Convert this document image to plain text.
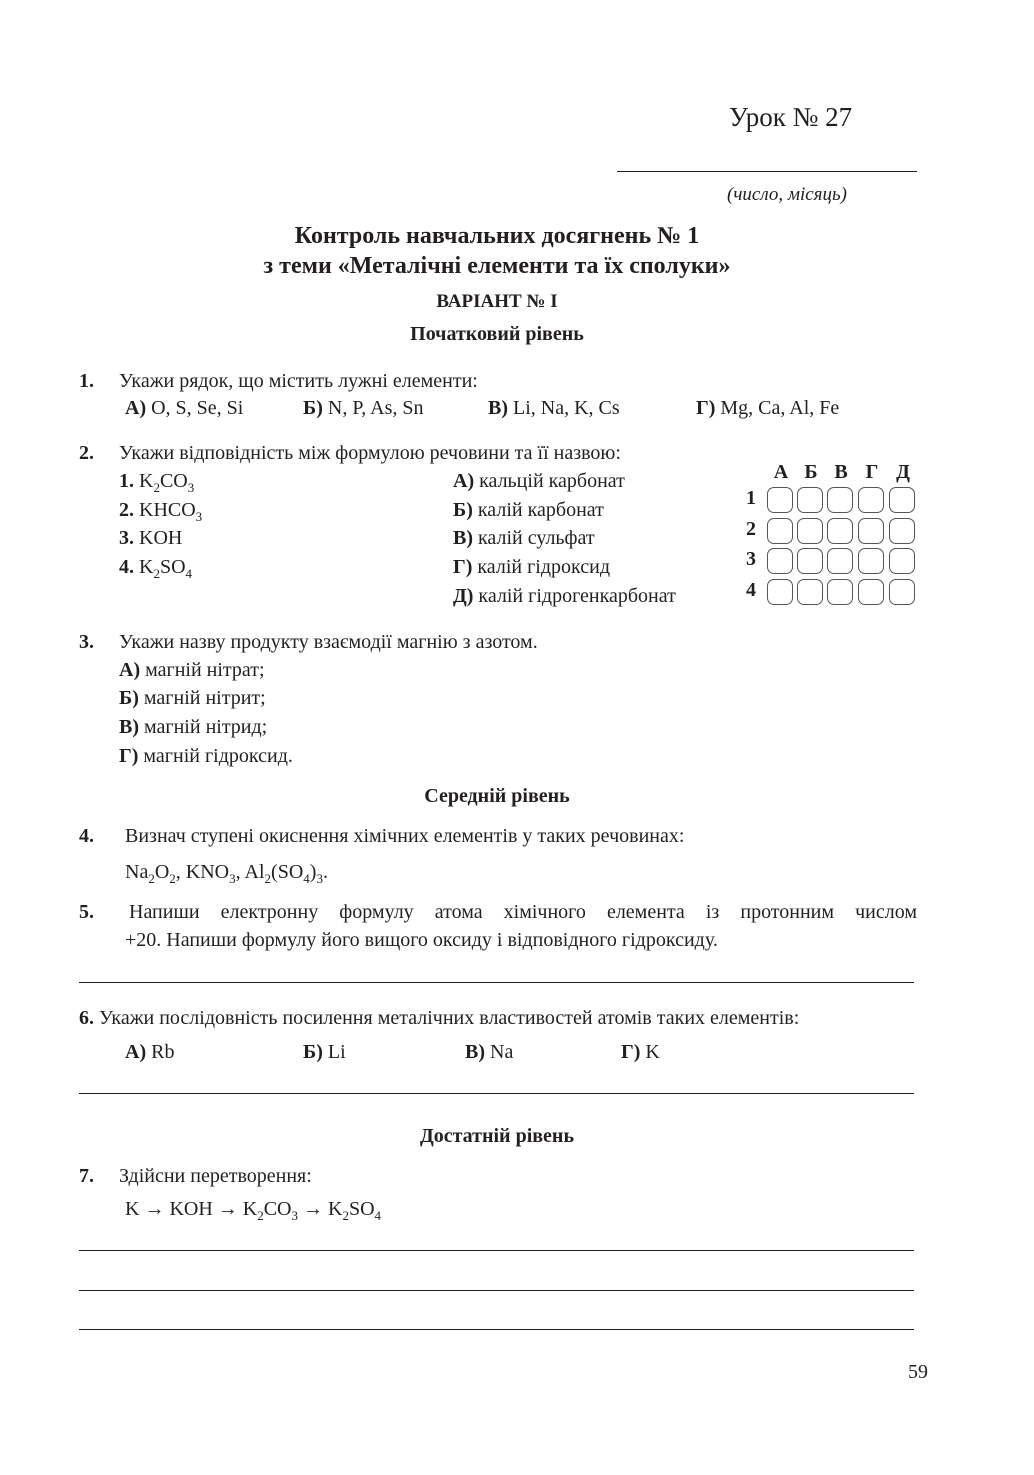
Урок № 27
(число, місяць)
Контроль навчальних досягнень № 1
з теми «Металічні елементи та їх сполуки»
ВАРІАНТ № І
Початковий рівень
1. Укажи рядок, що містить лужні елементи:
А) O, S, Se, Si	Б) N, P, As, Sn	В) Li, Na, K, Cs	Г) Mg, Ca, Al, Fe
2. Укажи відповідність між формулою речовини та її назвою:
1. $K_2CO_3$
2. $KHCO_3$
3. KOH
4. $K_2SO_4$
А) кальцій карбонат
Б) калій карбонат
В) калій сульфат
Г) калій гідроксид
Д) калій гідрогенкарбонат
А Б В Г Д
1
2
3
4
3. Укажи назву продукту взаємодії магнію з азотом.
А) магній нітрат;
Б) магній нітрит;
В) магній нітрид;
Г) магній гідроксид.
Середній рівень
4. Визнач ступені окиснення хімічних елементів у таких речовинах:
$Na_2O_2$, $KNO_3$, $Al_2(SO_4)_3$.
5. Напиши електронну формулу атома хімічного елемента із протонним числом
+20. Напиши формулу його вищого оксиду і відповідного гідроксиду.
6. Укажи послідовність посилення металічних властивостей атомів таких елементів:
А) Rb	Б) Li	В) Na	Г) K
Достатній рівень
7. Здійсни перетворення:
K → KOH → $K_2CO_3 \to K_2SO_4$
59
